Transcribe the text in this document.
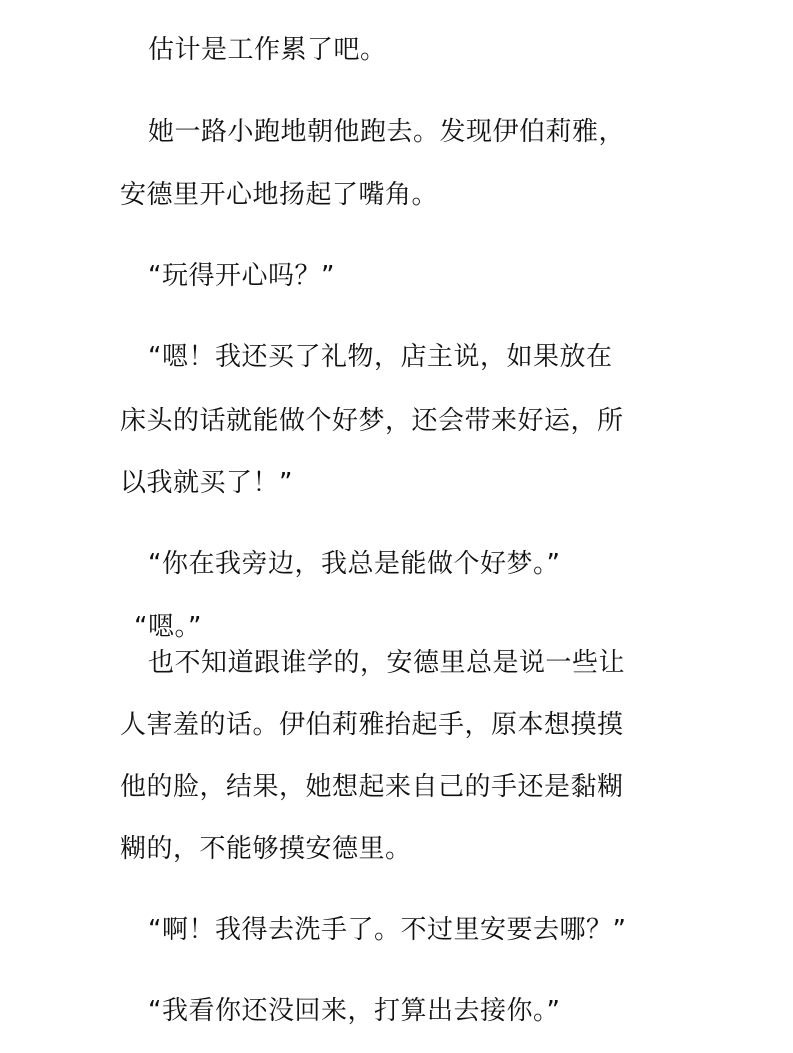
估计是工作累了吧。
她一路小跑地朝他跑去。发现伊伯莉雅，
安德里开心地扬起了嘴角。
“玩得开心吗？”
“嗯！我还买了礼物，店主说，如果放在
床头的话就能做个好梦，还会带来好运，所
以我就买了！”
“你在我旁边，我总是能做个好梦。”
“嗯。”
也不知道跟谁学的，安德里总是说一些让
人害羞的话。伊伯莉雅抬起手，原本想摸摸
他的脸，结果，她想起来自己的手还是黏糊
糊的，不能够摸安德里。
“啊！我得去洗手了。不过里安要去哪？”
“我看你还没回来，打算出去接你。”
